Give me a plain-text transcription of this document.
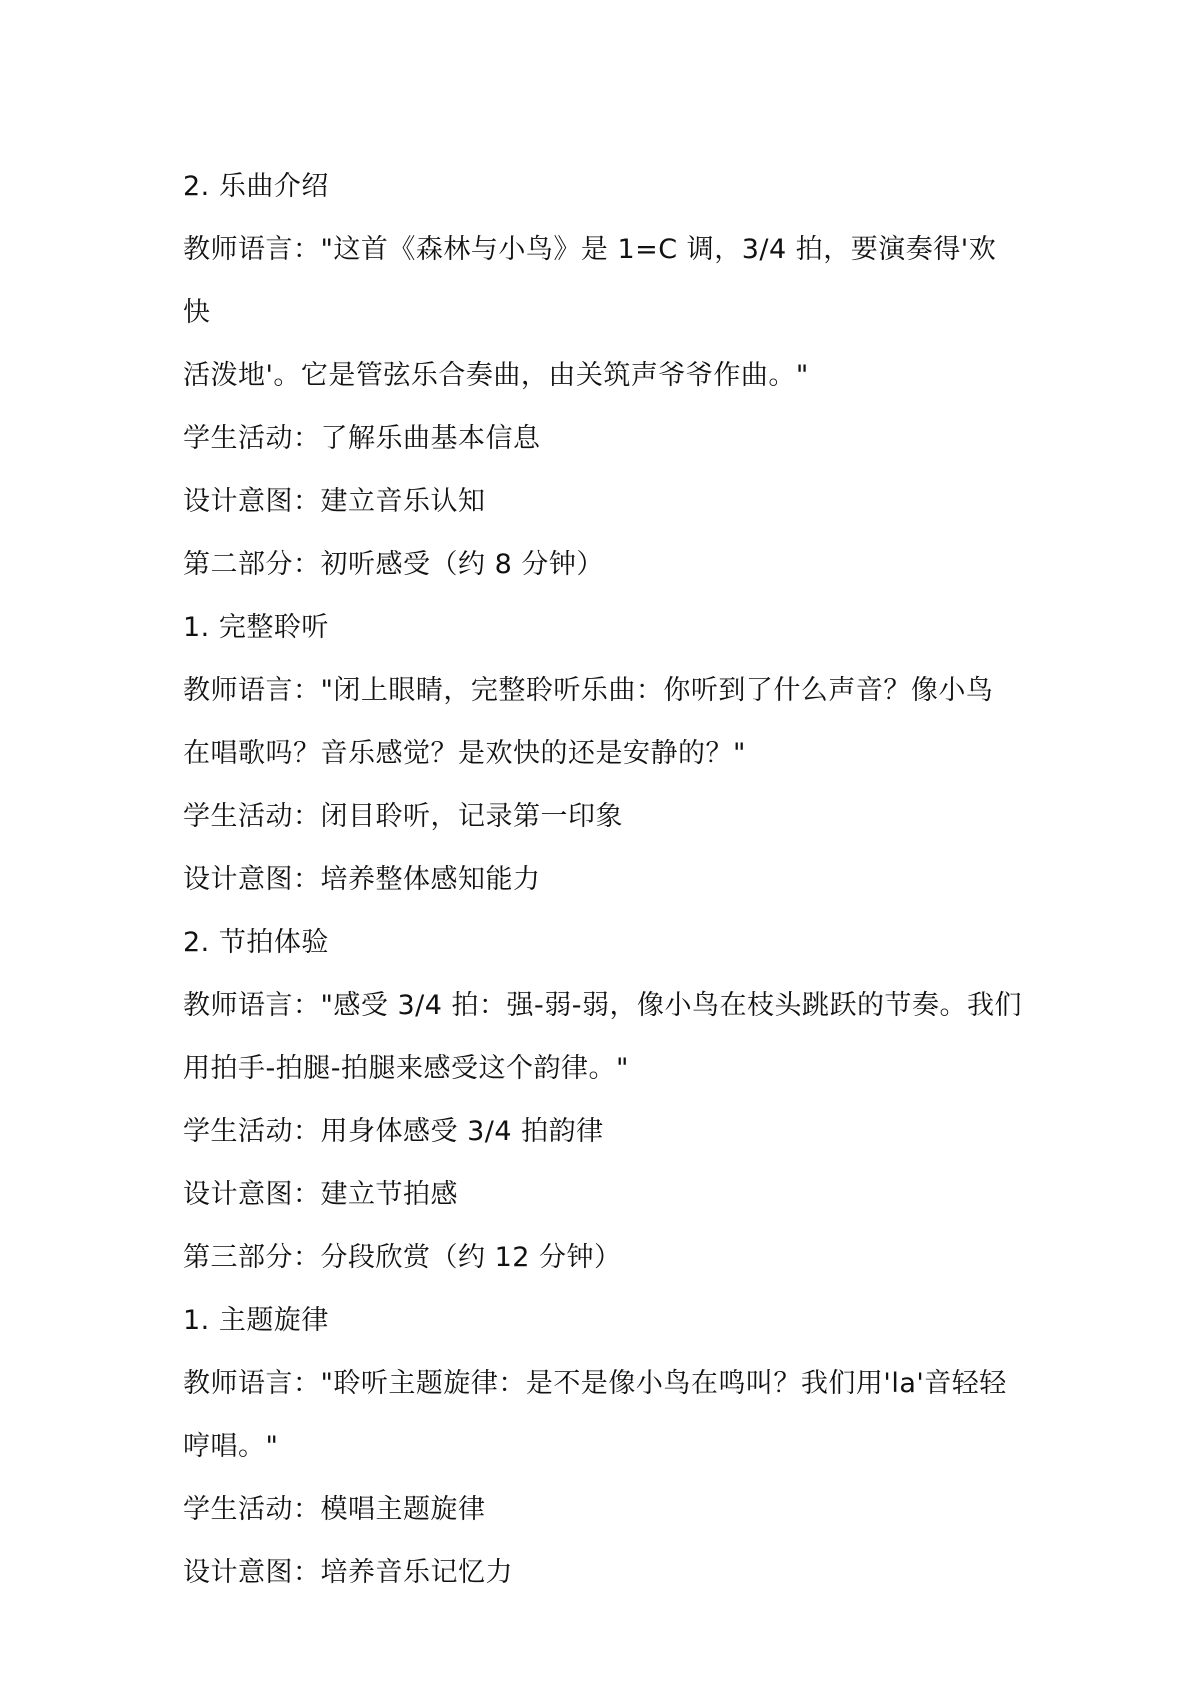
2. 乐曲介绍

教师语言："这首《森林与小鸟》是 1=C 调，3/4 拍，要演奏得'欢快

活泼地'。它是管弦乐合奏曲，由关筑声爷爷作曲。"

学生活动：了解乐曲基本信息

设计意图：建立音乐认知

第二部分：初听感受（约 8 分钟）

1. 完整聆听

教师语言："闭上眼睛，完整聆听乐曲：你听到了什么声音？像小鸟

在唱歌吗？音乐感觉？是欢快的还是安静的？"

学生活动：闭目聆听，记录第一印象

设计意图：培养整体感知能力

2. 节拍体验

教师语言："感受 3/4 拍：强-弱-弱，像小鸟在枝头跳跃的节奏。我们

用拍手-拍腿-拍腿来感受这个韵律。"

学生活动：用身体感受 3/4 拍韵律

设计意图：建立节拍感

第三部分：分段欣赏（约 12 分钟）

1. 主题旋律

教师语言："聆听主题旋律：是不是像小鸟在鸣叫？我们用'la'音轻轻

哼唱。"

学生活动：模唱主题旋律

设计意图：培养音乐记忆力
